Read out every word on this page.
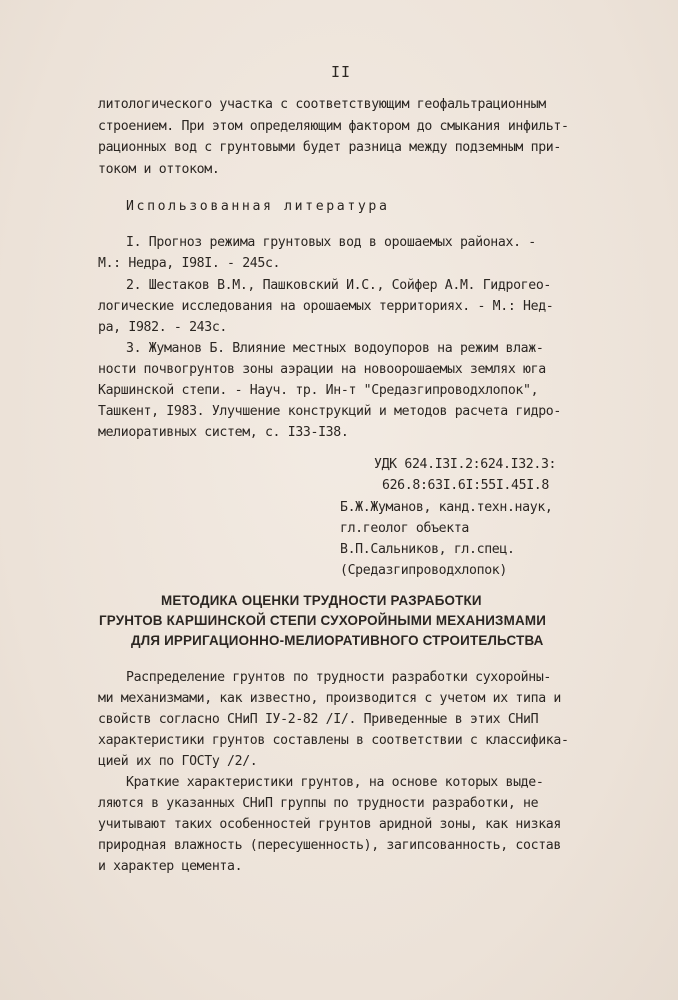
II
литологического участка с соответствующим геофальтрационным
строением. При этом определяющим фактором до смыкания инфильт-
рационных вод с грунтовыми будет разница между подземным при-
током и оттоком.
Использованная литература
I. Прогноз режима грунтовых вод в орошаемых районах. -
М.: Недра, I98I. - 245с.
2. Шестаков В.М., Пашковский И.С., Сойфер А.М. Гидрогео-
логические исследования на орошаемых территориях. - М.: Нед-
ра, I982. - 243с.
3. Жуманов Б. Влияние местных водоупоров на режим влаж-
ности почвогрунтов зоны аэрации на новоорошаемых землях юга
Каршинской степи. - Науч. тр. Ин-т "Средазгипроводхлопок",
Ташкент, I983. Улучшение конструкций и методов расчета гидро-
мелиоративных систем, с. I33-I38.
УДК 624.I3I.2:624.I32.3:
626.8:63I.6I:55I.45I.8
Б.Ж.Жуманов, канд.техн.наук,
гл.геолог объекта
В.П.Сальников, гл.спец.
(Средазгипроводхлопок)
МЕТОДИКА ОЦЕНКИ ТРУДНОСТИ РАЗРАБОТКИ
ГРУНТОВ КАРШИНСКОЙ СТЕПИ СУХОРОЙНЫМИ МЕХАНИЗМАМИ
ДЛЯ ИРРИГАЦИОННО-МЕЛИОРАТИВНОГО СТРОИТЕЛЬСТВА
Распределение грунтов по трудности разработки сухоройны-
ми механизмами, как известно, производится с учетом их типа и
свойств согласно СНиП IУ-2-82 /I/. Приведенные в этих СНиП
характеристики грунтов составлены в соответствии с классифика-
цией их по ГОСТу /2/.
Краткие характеристики грунтов, на основе которых выде-
ляются в указанных СНиП группы по трудности разработки, не
учитывают таких особенностей грунтов аридной зоны, как низкая
природная влажность (пересушенность), загипсованность, состав
и характер цемента.
